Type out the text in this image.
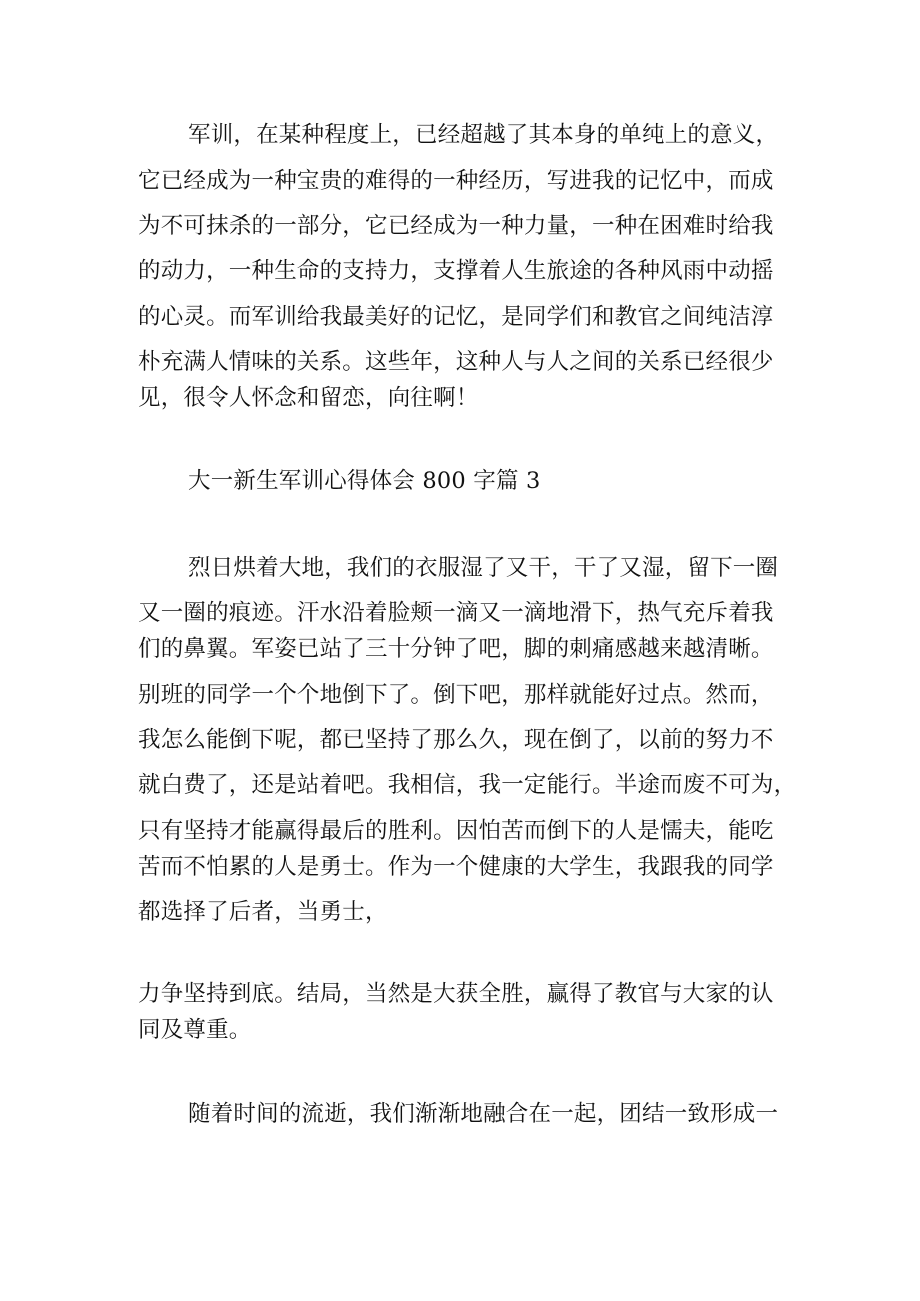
军训，在某种程度上，已经超越了其本身的单纯上的意义，
它已经成为一种宝贵的难得的一种经历，写进我的记忆中，而成
为不可抹杀的一部分，它已经成为一种力量，一种在困难时给我
的动力，一种生命的支持力，支撑着人生旅途的各种风雨中动摇
的心灵。而军训给我最美好的记忆，是同学们和教官之间纯洁淳
朴充满人情味的关系。这些年，这种人与人之间的关系已经很少
见，很令人怀念和留恋，向往啊！
大一新生军训心得体会 800 字篇 3
烈日烘着大地，我们的衣服湿了又干，干了又湿，留下一圈
又一圈的痕迹。汗水沿着脸颊一滴又一滴地滑下，热气充斥着我
们的鼻翼。军姿已站了三十分钟了吧，脚的刺痛感越来越清晰。
别班的同学一个个地倒下了。倒下吧，那样就能好过点。然而，
我怎么能倒下呢，都已坚持了那么久，现在倒了，以前的努力不
就白费了，还是站着吧。我相信，我一定能行。半途而废不可为，
只有坚持才能赢得最后的胜利。因怕苦而倒下的人是懦夫，能吃
苦而不怕累的人是勇士。作为一个健康的大学生，我跟我的同学
都选择了后者，当勇士，
力争坚持到底。结局，当然是大获全胜，赢得了教官与大家的认
同及尊重。
随着时间的流逝，我们渐渐地融合在一起，团结一致形成一
